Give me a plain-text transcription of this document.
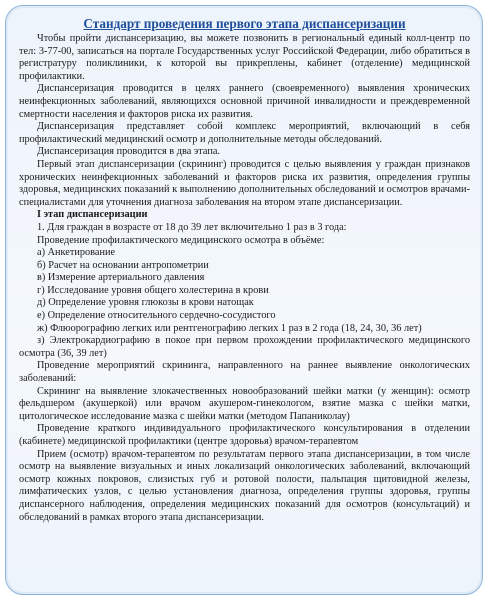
Стандарт проведения первого этапа диспансеризации

Чтобы пройти диспансеризацию, вы можете позвонить в региональный единый колл-центр по тел: 3-77-00, записаться на портале Государственных услуг Российской Федерации, либо обратиться в регистратуру поликлиники, к которой вы прикреплены, кабинет (отделение) медицинской профилактики.

Диспансеризация проводится в целях раннего (своевременного) выявления хронических неинфекционных заболеваний, являющихся основной причиной инвалидности и преждевременной смертности населения и факторов риска их развития.

Диспансеризация представляет собой комплекс мероприятий, включающий в себя профилактический медицинский осмотр и дополнительные методы обследований.

Диспансеризация проводится в два этапа.

Первый этап диспансеризации (скрининг) проводится с целью выявления у граждан признаков хронических неинфекционных заболеваний и факторов риска их развития, определения группы здоровья, медицинских показаний к выполнению дополнительных обследований и осмотров врачами-специалистами для уточнения диагноза заболевания на втором этапе диспансеризации.

I этап диспансеризации

1. Для граждан в возрасте от 18 до 39 лет включительно 1 раз в 3 года:

Проведение профилактического медицинского осмотра в объёме:

а) Анкетирование

б) Расчет на основании антропометрии

в) Измерение артериального давления

г) Исследование уровня общего холестерина в крови

д) Определение уровня глюкозы в крови натощак

е) Определение относительного сердечно-сосудистого

ж) Флюорографию легких или рентгенографию легких 1 раз в 2 года (18, 24, 30, 36 лет)

з) Электрокардиографию в покое при первом прохождении профилактического медицинского осмотра (36, 39 лет)

Проведение мероприятий скрининга, направленного на раннее выявление онкологических заболеваний:

Скрининг на выявление злокачественных новообразований шейки матки (у женщин): осмотр фельдшером (акушеркой) или врачом акушером-гинекологом, взятие мазка с шейки матки, цитологическое исследование мазка с шейки матки (методом Папаниколау)

Проведение краткого индивидуального профилактического консультирования в отделении (кабинете) медицинской профилактики (центре здоровья) врачом-терапевтом

Прием (осмотр) врачом-терапевтом по результатам первого этапа диспансеризации, в том числе осмотр на выявление визуальных и иных локализаций онкологических заболеваний, включающий осмотр кожных покровов, слизистых губ и ротовой полости, пальпация щитовидной железы, лимфатических узлов, с целью установления диагноза, определения группы здоровья, группы диспансерного наблюдения, определения медицинских показаний для осмотров (консультаций) и обследований в рамках второго этапа диспансеризации.
